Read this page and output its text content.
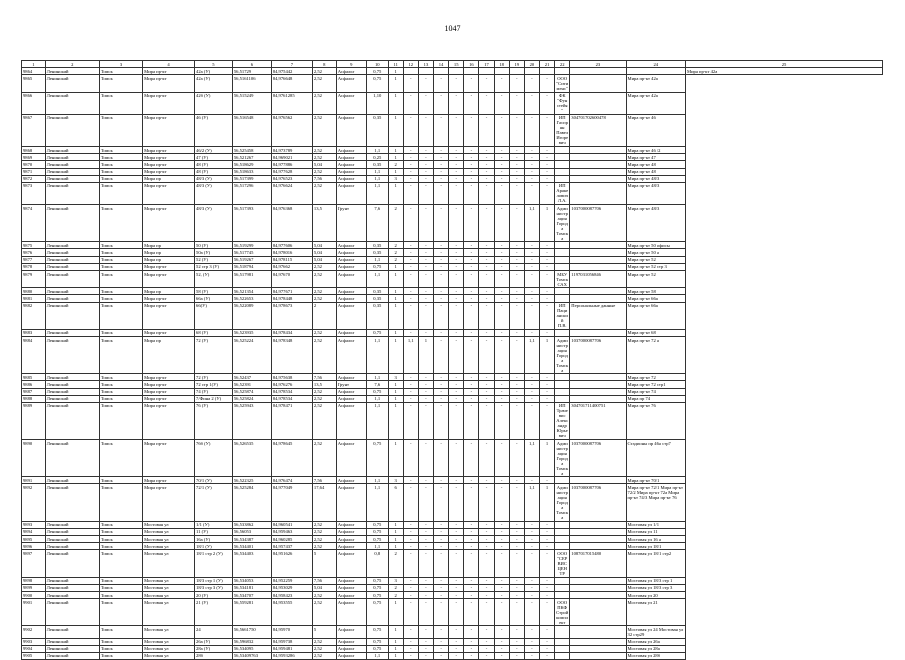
1047
1	2	3	4	5	6	7	8	9	10	11	12	13	14	15	16	17	18	19	20	21	22	23	24	25
9864	Ленинский	Томск	Мира пр-кт	42а (У)	56,51729	84,975442	2,52	Асфальт	0,75	1														Мира пр-кт 42а
9865	Ленинский	Томск	Мира пр-кт	42а (У)	56,5161106	84,976648	2,52	Асфальт	0,75	1	-	-	-	-	-	-	-	-	-	-	ООО "Ситименс"		Мира пр-кт 42а	
9866	Ленинский	Томск	Мира пр-кт	42б (У)	56,515249	84,9761285	2,52	Асфальт	1,10	1	-	-	-	-	-	-	-	-	-	-	ФК "Фунстейя"		Мира пр-кт 42а	
9867	Ленинский	Томск	Мира пр-кт	46 (У)	56,516548	84,976562	2,52	Асфальт	0,35	1	-	-	-	-	-	-	-	-	-	-	ИП Гаспрян Павел Игоревич	304701702600478	Мира пр-кт 46	
9868	Ленинский	Томск	Мира пр-кт	46/2 (У)	56,525458	84,973789	2,52	Асфальт	1,1	1	-	-	-	-	-	-	-	-	-	-			Мира пр-кт 46 /2	
9869	Ленинский	Томск	Мира пр-кт	47 (У)	56,521267	84,969021	2,52	Асфальт	0,25	1	-	-	-	-	-	-	-	-	-	-			Мира пр-кт 47	
9870	Ленинский	Томск	Мира пр-кт	48 (У)	56,518629	84,977886	5,04	Асфальт	0,35	2	-	-	-	-	-	-	-	-	-	-			Мира пр-кт 48	
9871	Ленинский	Томск	Мира пр-кт	48 (У)	56,518633	84,977628	2,52	Асфальт	1,1	1	-	-	-	-	-	-	-	-	-	-			Мира пр-кт 48	
9872	Ленинский	Томск	Мира пр	48/3 (У)	56,517399	84,976523	7,56	Асфальт	1,1	3	-	-	-	-	-	-	-	-	-	-			Мира пр-кт 48/3	
9873	Ленинский	Томск	Мира пр-кт	48/3 (У)	56,517296	84,976624	2,52	Асфальт	1,1	1	-	-	-	-	-	-	-	-	-	-	ИП Аракелович Л.А.		Мира пр-кт 48/3	
9874	Ленинский	Томск	Мира пр-кт	48/3 (У)	56,517393	84,976368	13,5	Грунт	7,6	2	-	-	-	-	-	-	-	-	1,1	1	Администрация Города Томска	1037000087706	Мира пр-кт 48/3	
9875	Ленинский	Томск	Мира пр	50 (У)	56,519299	84,977606	5,04	Асфальт	0,35	2	-	-	-	-	-	-	-	-	-	-			Мира пр-кт 50 офисы	
9876	Ленинский	Томск	Мира пр	50а (У)	56,517745	84,978016	5,04	Асфальт	0,35	2	-	-	-	-	-	-	-	-	-	-			Мира пр-кт 50 а	
9877	Ленинский	Томск	Мира пр	52 (У)	56,519267	84,978115	5,04	Асфальт	1,1	2	-	-	-	-	-	-	-	-	-	-			Мира пр-кт 52	
9878	Ленинский	Томск	Мира пр-кт	52 стр 3 (У)	56,518794	84,97662	2,52	Асфальт	0,75	1	-	-	-	-	-	-	-	-	-	-			Мира пр-кт 52 стр 3	
9879	Ленинский	Томск	Мира пр-кт	52, (У)	56,517981	84,97670	2,52	Асфальт	1,1	1	-	-	-	-	-	-	-	-	-	-	МБУ Томск САХ	1197031056846	Мира пр-кт 52	
9880	Ленинский	Томск	Мира пр	58 (У)	56,521354	84,977671	2,52	Асфальт	0,35	1	-	-	-	-	-	-	-	-	-	-			Мира пр-кт 58	
9881	Ленинский	Томск	Мира пр-кт	66а (У)	56,522653	84,978448	2,52	Асфальт	0,35	1	-	-	-	-	-	-	-	-	-	-			Мира пр-кт 66а	
9882	Ленинский	Томск	Мира пр-кт	66(У)	56,522089	84,978673	2	Асфальт	0,35	1	-	-	-	-	-	-	-	-	-	-	ИП Пацианский П.В.	Персональные данные	Мира пр-кт 66а	
9883	Ленинский	Томск	Мира пр-кт	68 (У)	56,523935	84,978434	2,52	Асфальт	0,75	1	-	-	-	-	-	-	-	-	-	-			Мира пр-кт 68	
9884	Ленинский	Томск	Мира пр	72 (У)	56,525224	84,978348	2,52	Асфальт	1,1	1	1,1	1	-	-	-	-	-	-	1,1	1	Администрация Города Томска	1037000087706	Мира пр-кт 72 а	
9885	Ленинский	Томск	Мира пр-кт	72 (У)	56,52437	84,975638	7,56	Асфальт	1,1	3	-	-	-	-	-	-	-	-	-	-			Мира пр-кт 72	
9886	Ленинский	Томск	Мира пр-кт	72 стр 1(У)	56,52391	84,976276	13,5	Грунт	7,6	1	-	-	-	-	-	-	-	-	-	-			Мира пр-кт 72 стр1	
9887	Ленинский	Томск	Мира пр-кт	74 (У)	56,525874	84,978534	2,52	Асфальт	0,75	1	-	-	-	-	-	-	-	-	-	-			Мира пр-кт 74	
9888	Ленинский	Томск	Мира пр-кт	7/Фина 2 (У)	56,525824	84,978534	2,52	Асфальт	1,1	1	-	-	-	-	-	-	-	-	-	-			Мира пр 74	
9889	Ленинский	Томск	Мира пр-кт	76 (У)	56,525943	84,978471	2,52	Асфальт	1,1	1	-	-	-	-	-	-	-	-	-	-	ИП Трачевис Александр Юрьевич	304701711400751	Мира пр-кт 76	
9890	Ленинский	Томск	Мира пр-кт	76б (У)	56,526535	84,978645	2,52	Асфальт	0,75	1	-	-	-	-	-	-	-	-	1,1	1	Администрация Города Томска	1037000087706	Стадионы пр 46а стр7	
9891	Ленинский	Томск	Мира пр-кт	70/1 (У)	56,522325	84,976474	7,56	Асфальт	1,1	3	-	-	-	-	-	-	-	-	-	-			Мира пр-кт 70/1	
9892	Ленинский	Томск	Мира пр-кт	72/1 (У)	56,525284	84,977049	17,64	Асфальт	1,1	6	-	-	-	-	-	-	-	-	1,1	1	Администрация Города Томска	1037000087706	Мира пр-кт 72/1 Мира пр-кт 72/2 Мира пр-кт 72а Мира пр-кт 74/3 Мира пр-кт 76	
9893	Ленинский	Томск	Мостовая ул	1/1 (У)	56,533862	84,960541	2,52	Асфальт	0,75	1	-	-	-	-	-	-	-	-	-	-			Мостовая ул 1/1	
9894	Ленинский	Томск	Мостовая ул	11 (У)	56,56053	84,959463	2,52	Асфальт	0,75	1	-	-	-	-	-	-	-	-	-	-			Мостовая ул 11	
9895	Ленинский	Томск	Мостовая ул	16а (У)	56,534387	84,960285	2,52	Асфальт	0,75	1	-	-	-	-	-	-	-	-	-	-			Мостовая ул 16 а	
9896	Ленинский	Томск	Мостовая ул	18/1 (У)	56,534401	84,957437	2,52	Асфальт	1,1	1	-	-	-	-	-	-	-	-	-	-			Мостовая ул 18/1	
9897	Ленинский	Томск	Мостовая ул	18/1 стр 2 (У)	56,534403	84,951626	5	Асфальт	0,8	2	-	-	-	-	-	-	-	-	-	-	ООО "СЕРВИСЦЕНТР	1087017015480	Мостовая ул 18/1 стр2	
9898	Ленинский	Томск	Мостовая ул	18/3 стр 1 (У)	56,534053	84,952259	7,56	Асфальт	0,75	3	-	-	-	-	-	-	-	-	-	-			Мостовая ул 18/3 стр 1	
9899	Ленинский	Томск	Мостовая ул	18/3 стр 3 (У)	56,534181	84,953029	5,04	Асфальт	0,75	2	-	-	-	-	-	-	-	-	-	-			Мостовая ул 18/3 стр 3	
9900	Ленинский	Томск	Мостовая ул	20 (У)	56,534707	84,958423	2,52	Асфальт	0,75	2	-	-	-	-	-	-	-	-	-	-			Мостовая ул 20	
9901	Ленинский	Томск	Мостовая ул	21 (У)	56,559281	84,953555	2,52	Асфальт	0,75	1	-	-	-	-	-	-	-	-	-	-	ООО ПКФ Строй комплект		Мостовая ул 21	
9902	Ленинский	Томск	Мостовая ул	24	56,5661750	84,95970	5	Асфальт	0,75	1	-	-	-	-	-	-	-	-	-	-			Мостовая ул 24 Мостовая ул 32 стр29	
9903	Ленинский	Томск	Мостовая ул	26а (У)	56,596832	84,959738	2,52	Асфальт	0,75	1	-	-	-	-	-	-	-	-	-	-			Мостовая ул 26а	
9904	Ленинский	Томск	Мостовая ул	28а (У)	56,534095	84,959481	2,52	Асфальт	0,75	1	-	-	-	-	-	-	-	-	-	-			Мостовая ул 28а	
9905	Ленинский	Томск	Мостовая ул	28б	56,53409763	84,9593286	2,52	Асфальт	1,1	1	-	-	-	-	-	-	-	-	-	-			Мостовая ул 28б	
